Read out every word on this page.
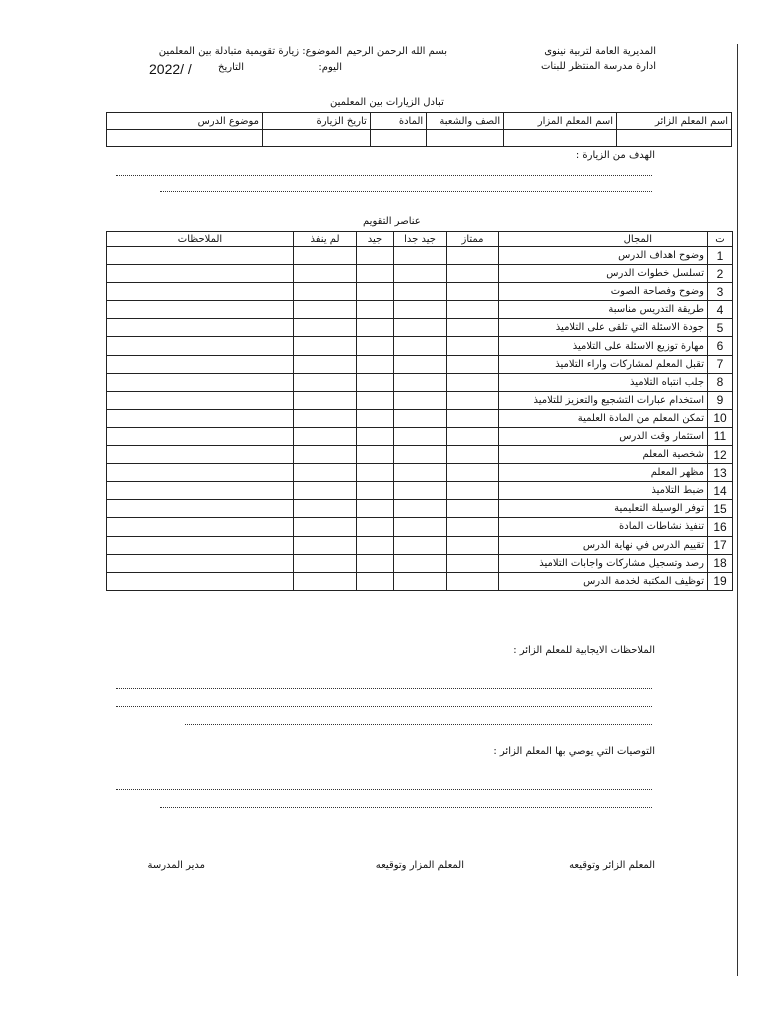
المديرية العامة لتربية نينوى
ادارة مدرسة المنتظر للبنات
بسم الله الرحمن الرحيم
الموضوع: زيارة تقويمية متبادلة بين المعلمين
اليوم:
التاريخ
2022/ /
تبادل الزيارات بين المعلمين
اسم المعلم الزائر	اسم المعلم المزار	الصف والشعبة	المادة	تاريخ الزيارة	موضوع الدرس

الهدف من الزيارة :
عناصر التقويم
ت	المجال	ممتاز	جيد جدا	جيد	لم ينفذ	الملاحظات
1	وضوح اهداف الدرس					
2	تسلسل خطوات الدرس					
3	وضوح وفصاحة الصوت					
4	طريقة التدريس مناسبة					
5	جودة الاسئلة التي تلقى على التلاميذ					
6	مهارة توزيع الاسئلة على التلاميذ					
7	تقبل المعلم لمشاركات واراء التلاميذ					
8	جلب انتباه التلاميذ					
9	استخدام عبارات التشجيع والتعزيز للتلاميذ					
10	تمكن المعلم من المادة العلمية					
11	استثمار وقت الدرس					
12	شخصية المعلم					
13	مظهر المعلم					
14	ضبط التلاميذ					
15	توفر الوسيلة التعليمية					
16	تنفيذ نشاطات المادة					
17	تقييم الدرس في نهاية الدرس					
18	رصد وتسجيل مشاركات واجابات التلاميذ					
19	توظيف المكتبة لخدمة الدرس					
الملاحظات الايجابية للمعلم الزائر :
التوصيات التي يوصي بها المعلم الزائر :
المعلم الزائر وتوقيعه
المعلم المزار وتوقيعه
مدير المدرسة
